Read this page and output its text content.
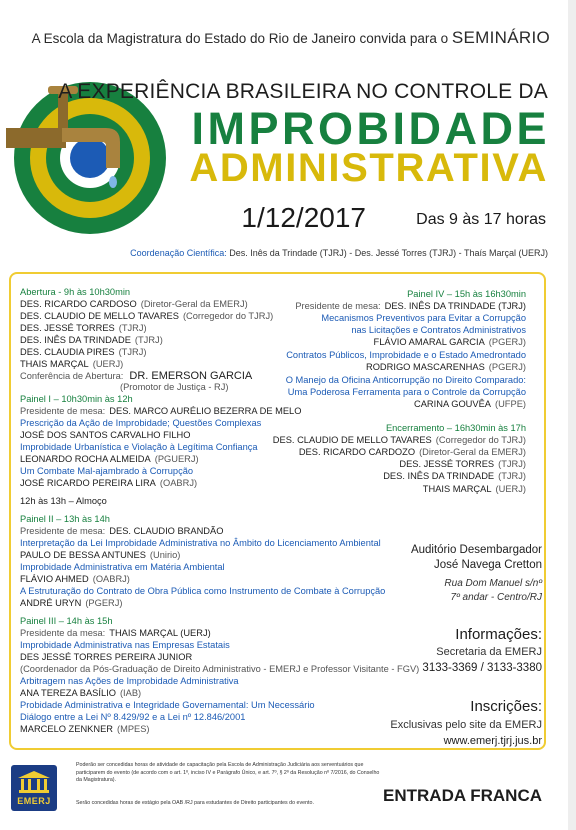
A Escola da Magistratura do Estado do Rio de Janeiro convida para o SEMINÁRIO
A EXPERIÊNCIA BRASILEIRA NO CONTROLE DA
IMPROBIDADE
ADMINISTRATIVA
1/12/2017	Das 9 às 17 horas
Coordenação Científica: Des. Inês da Trindade (TJRJ) - Des. Jessé Torres (TJRJ) - Thaís Marçal (UERJ)
Abertura - 9h às 10h30min
DES. RICARDO CARDOSO (Diretor-Geral da EMERJ)
DES. CLAUDIO DE MELLO TAVARES (Corregedor do TJRJ)
DES. JESSÉ TORRES (TJRJ)
DES. INÊS DA TRINDADE (TJRJ)
DES. CLAUDIA PIRES (TJRJ)
THAIS MARÇAL (UERJ)
Conferência de Abertura: DR. EMERSON GARCIA
(Promotor de Justiça - RJ)
Painel I – 10h30min às 12h
Presidente de mesa: DES. MARCO AURÉLIO BEZERRA DE MELO
Prescrição da Ação de Improbidade; Questões Complexas
JOSÉ DOS SANTOS CARVALHO FILHO
Improbidade Urbanística e Violação à Legítima Confiança
LEONARDO ROCHA ALMEIDA (PGUERJ)
Um Combate Mal-ajambrado à Corrupção
JOSÉ RICARDO PEREIRA LIRA (OABRJ)
12h às 13h – Almoço
Painel II – 13h às 14h
Presidente de mesa: DES. CLAUDIO BRANDÃO
Interpretação da Lei Improbidade Administrativa no Âmbito do Licenciamento Ambiental
PAULO DE BESSA ANTUNES (Unirio)
Improbidade Administrativa em Matéria Ambiental
FLÁVIO AHMED (OABRJ)
A Estruturação do Contrato de Obra Pública como Instrumento de Combate à Corrupção
ANDRÉ URYN (PGERJ)
Painel III – 14h às 15h
Presidente da mesa: THAIS MARÇAL (UERJ)
Improbidade Administrativa nas Empresas Estatais
DES JESSÉ TORRES PEREIRA JUNIOR
(Coordenador da Pós-Graduação de Direito Administrativo - EMERJ e Professor Visitante - FGV)
Arbitragem nas Ações de Improbidade Administrativa
ANA TEREZA BASÍLIO (IAB)
Probidade Administrativa e Integridade Governamental: Um Necessário
Diálogo entre a Lei Nº 8.429/92 e a Lei nº 12.846/2001
MARCELO ZENKNER (MPES)
Painel IV – 15h às 16h30min
Presidente de mesa: DES. INÊS DA TRINDADE (TJRJ)
Mecanismos Preventivos para Evitar a Corrupção
nas Licitações e Contratos Administrativos
FLÁVIO AMARAL GARCIA (PGERJ)
Contratos Públicos, Improbidade e o Estado Amedrontado
RODRIGO MASCARENHAS (PGERJ)
O Manejo da Oficina Anticorrupção no Direito Comparado:
Uma Poderosa Ferramenta para o Controle da Corrupção
CARINA GOUVÊA (UFPE)
Encerramento – 16h30min às 17h
DES. CLAUDIO DE MELLO TAVARES (Corregedor do TJRJ)
DES. RICARDO CARDOZO (Diretor-Geral da EMERJ)
DES. JESSÉ TORRES (TJRJ)
DES. INÊS DA TRINDADE (TJRJ)
THAIS MARÇAL (UERJ)
Auditório Desembargador
José Navega Cretton
Rua Dom Manuel s/nº
7º andar - Centro/RJ
Informações:
Secretaria da EMERJ
3133-3369 / 3133-3380
Inscrições:
Exclusivas pelo site da EMERJ
www.emerj.tjrj.jus.br
EMERJ
Poderão ser concedidas horas de atividade de capacitação pela Escola de Administração Judiciária aos serventuários que participarem do evento (de acordo com o art. 1º, inciso IV e Parágrafo Único, e art. 7º, § 2º da Resolução nº 7/2016, do Conselho da Magistratura).
Serão concedidas horas de estágio pela OAB /RJ para estudantes de Direito participantes do evento.	ENTRADA FRANCA
